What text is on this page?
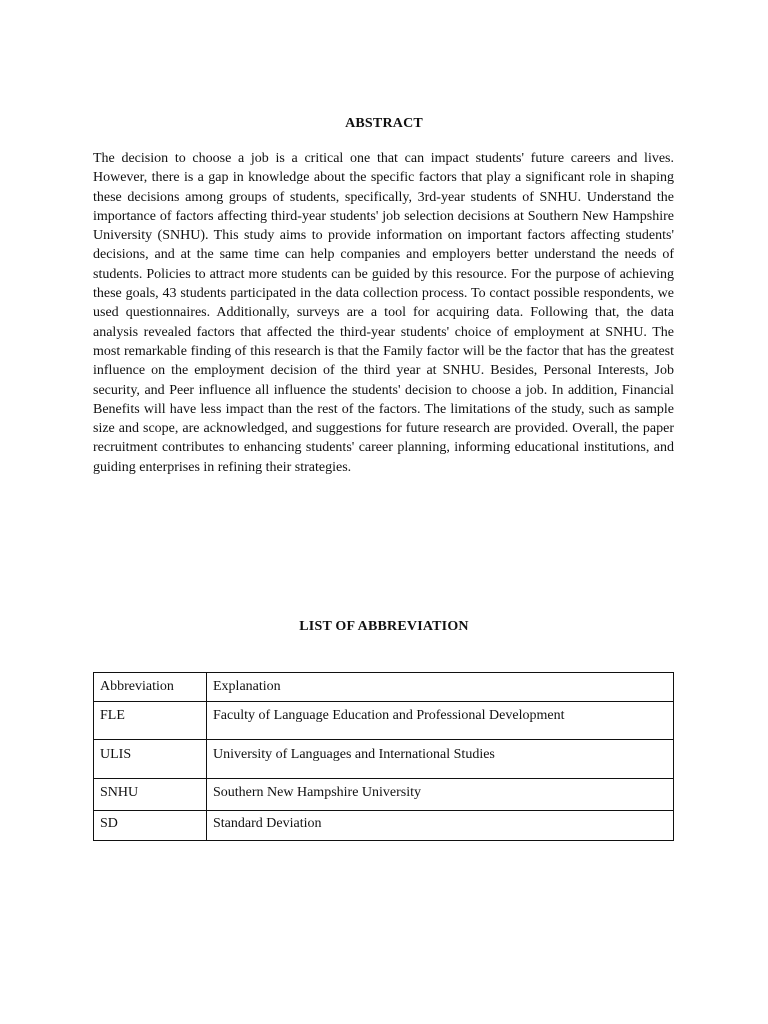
ABSTRACT

The decision to choose a job is a critical one that can impact students' future careers and lives. However, there is a gap in knowledge about the specific factors that play a significant role in shaping these decisions among groups of students, specifically, 3rd-year students of SNHU. Understand the importance of factors affecting third-year students' job selection decisions at Southern New Hampshire University (SNHU). This study aims to provide information on important factors affecting students' decisions, and at the same time can help companies and employers better understand the needs of students. Policies to attract more students can be guided by this resource. For the purpose of achieving these goals, 43 students participated in the data collection process. To contact possible respondents, we used questionnaires. Additionally, surveys are a tool for acquiring data. Following that, the data analysis revealed factors that affected the third-year students' choice of employment at SNHU. The most remarkable finding of this research is that the Family factor will be the factor that has the greatest influence on the employment decision of the third year at SNHU. Besides, Personal Interests, Job security, and Peer influence all influence the students' decision to choose a job. In addition, Financial Benefits will have less impact than the rest of the factors. The limitations of the study, such as sample size and scope, are acknowledged, and suggestions for future research are provided. Overall, the paper recruitment contributes to enhancing students' career planning, informing educational institutions, and guiding enterprises in refining their strategies.

LIST OF ABBREVIATION
Abbreviation	Explanation
FLE	Faculty of Language Education and Professional Development
ULIS	University of Languages and International Studies
SNHU	Southern New Hampshire University
SD	Standard Deviation
